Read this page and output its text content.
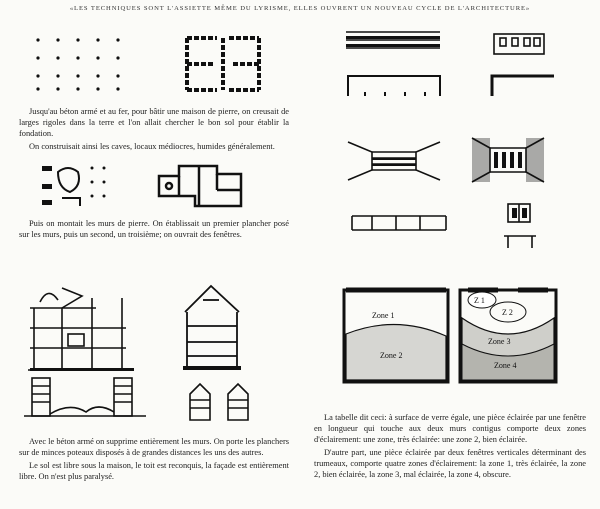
«LES TECHNIQUES SONT L'ASSIETTE MÊME DU LYRISME, ELLES OUVRENT UN NOUVEAU CYCLE DE L'ARCHITECTURE»

Jusqu'au béton armé et au fer, pour bâtir une maison de pierre, on creusait de larges rigoles dans la terre et l'on allait chercher le bon sol pour établir la fondation.

On construisait ainsi les caves, locaux médiocres, humides généralement.

Puis on montait les murs de pierre. On établissait un premier plancher posé sur les murs, puis un second, un troisième; on ouvrait des fenêtres.

Avec le béton armé on supprime entièrement les murs. On porte les planchers sur de minces poteaux disposés à de grandes distances les uns des autres.

Le sol est libre sous la maison, le toit est reconquis, la façade est entièrement libre. On n'est plus paralysé.

Zone 1
Zone 2
Z 1
Z 2
Zone 3
Zone 4

La tabelle dit ceci: à surface de verre égale, une pièce éclairée par une fenêtre en longueur qui touche aux deux murs contigus comporte deux zones d'éclairement: une zone, très éclairée: une zone 2, bien éclairée.

D'autre part, une pièce éclairée par deux fenêtres verticales déterminant des trumeaux, comporte quatre zones d'éclairement: la zone 1, très éclairée, la zone 2, bien éclairée, la zone 3, mal éclairée, la zone 4, obscure.
